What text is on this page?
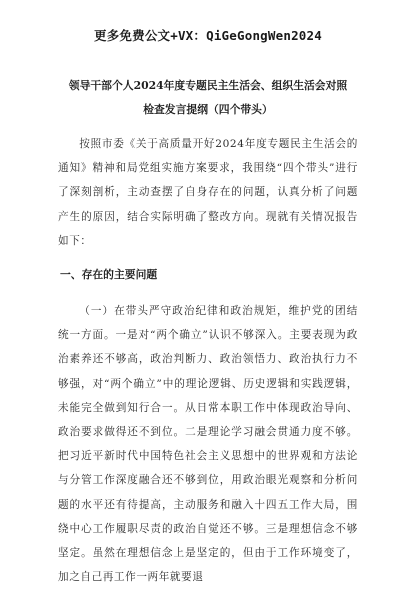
更多免费公文+VX：QiGeGongWen2024
领导干部个人2024年度专题民主生活会、组织生活会对照
检查发言提纲（四个带头）

按照市委《关于高质量开好2024年度专题民主生活会的通知》精神和局党组实施方案要求，我围绕“四个带头”进行了深刻剖析，主动查摆了自身存在的问题，认真分析了问题产生的原因，结合实际明确了整改方向。现就有关情况报告如下：

一、存在的主要问题

（一）在带头严守政治纪律和政治规矩，维护党的团结统一方面。一是对“两个确立”认识不够深入。主要表现为政治素养还不够高，政治判断力、政治领悟力、政治执行力不够强，对“两个确立”中的理论逻辑、历史逻辑和实践逻辑，未能完全做到知行合一。从日常本职工作中体现政治导向、政治要求做得还不到位。二是理论学习融会贯通力度不够。把习近平新时代中国特色社会主义思想中的世界观和方法论与分管工作深度融合还不够到位，用政治眼光观察和分析问题的水平还有待提高，主动服务和融入十四五工作大局，围绕中心工作履职尽责的政治自觉还不够。三是理想信念不够坚定。虽然在理想信念上是坚定的，但由于工作环境变了，加之自己再工作一两年就要退
